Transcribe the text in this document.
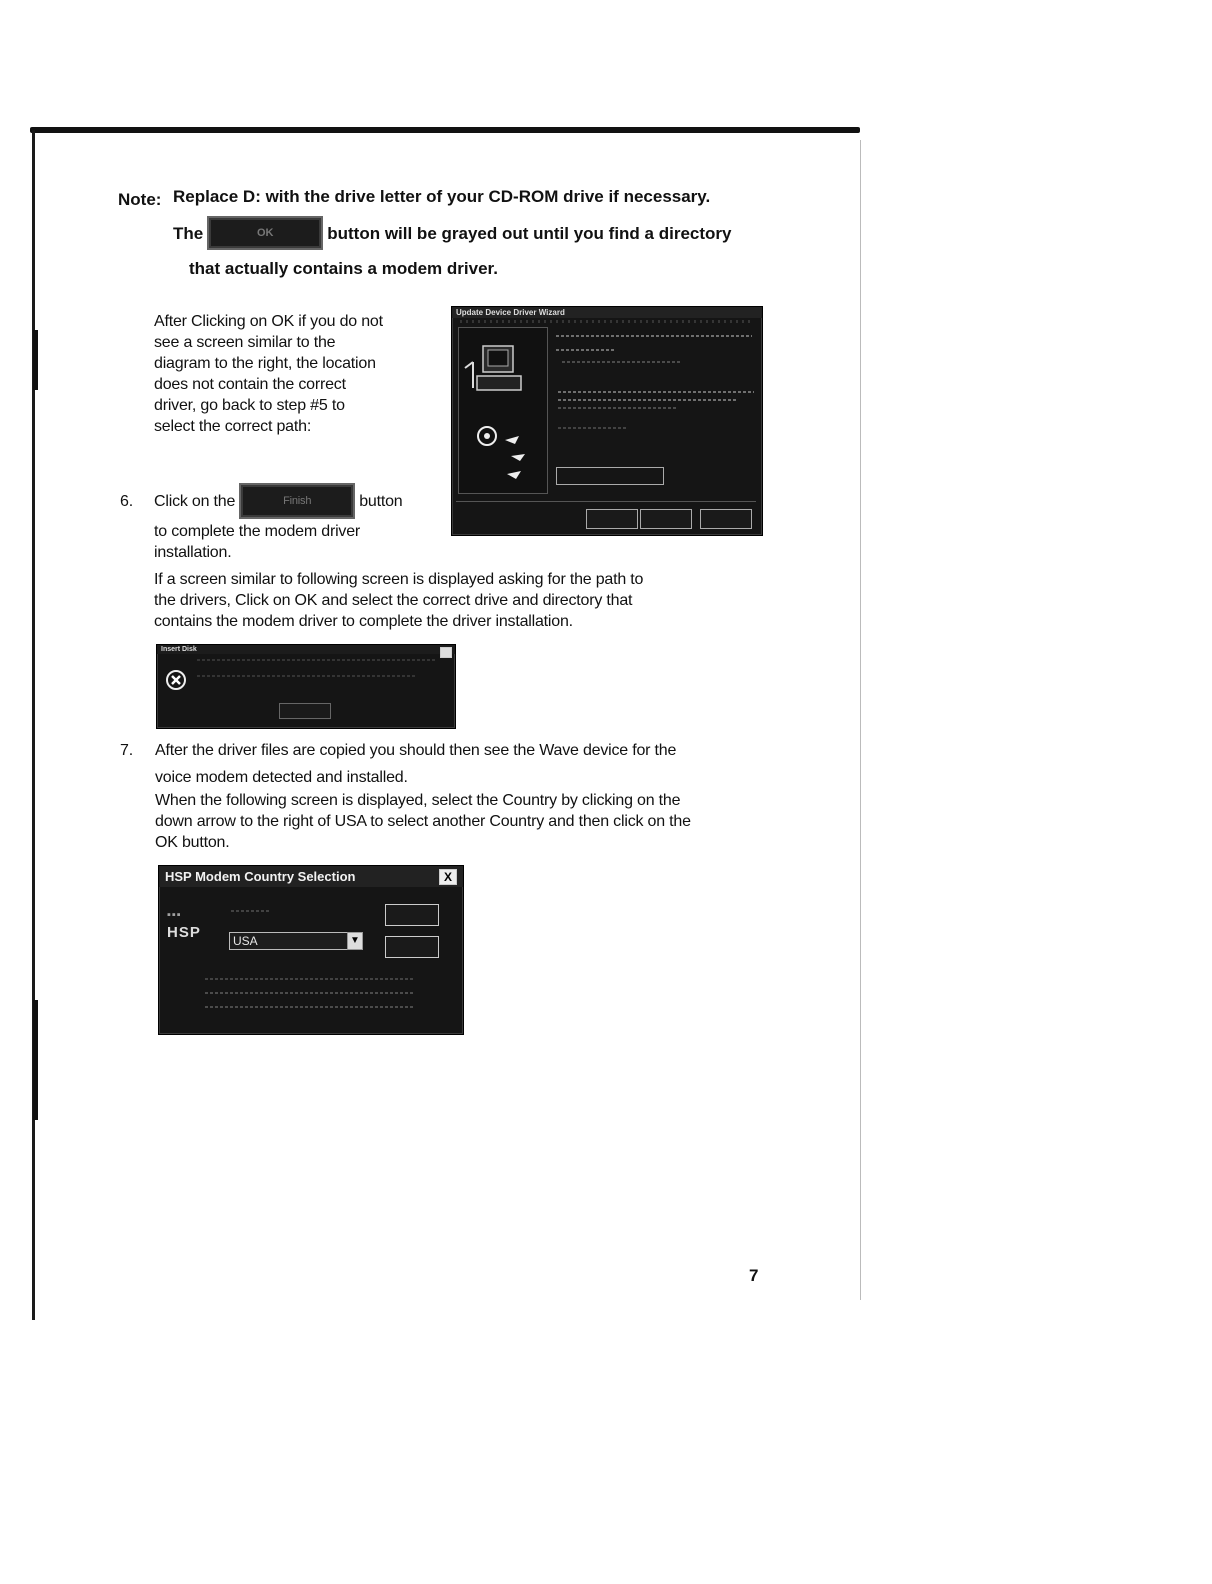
Note: Replace D: with the drive letter of your CD-ROM drive if necessary.
The	OK	button will be grayed out until you find a directory
that actually contains a modem driver.
After Clicking on OK if you do not
see a screen similar to the
diagram to the right, the location
does not contain the correct
driver, go back to step #5 to
select the correct path:
Update Device Driver Wizard
6. Click on the	Finish	button
to complete the modem driver
installation.
If a screen similar to following screen is displayed asking for the path to
the drivers, Click on OK and select the correct drive and directory that
contains the modem driver to complete the driver installation.
Insert Disk
7. After the driver files are copied you should then see the Wave device for the
voice modem detected and installed.
When the following screen is displayed, select the Country by clicking on the
down arrow to the right of USA to select another Country and then click on the
OK button.
HSP Modem Country Selection	X
▪▪▪
HSP	USA	▼
7
